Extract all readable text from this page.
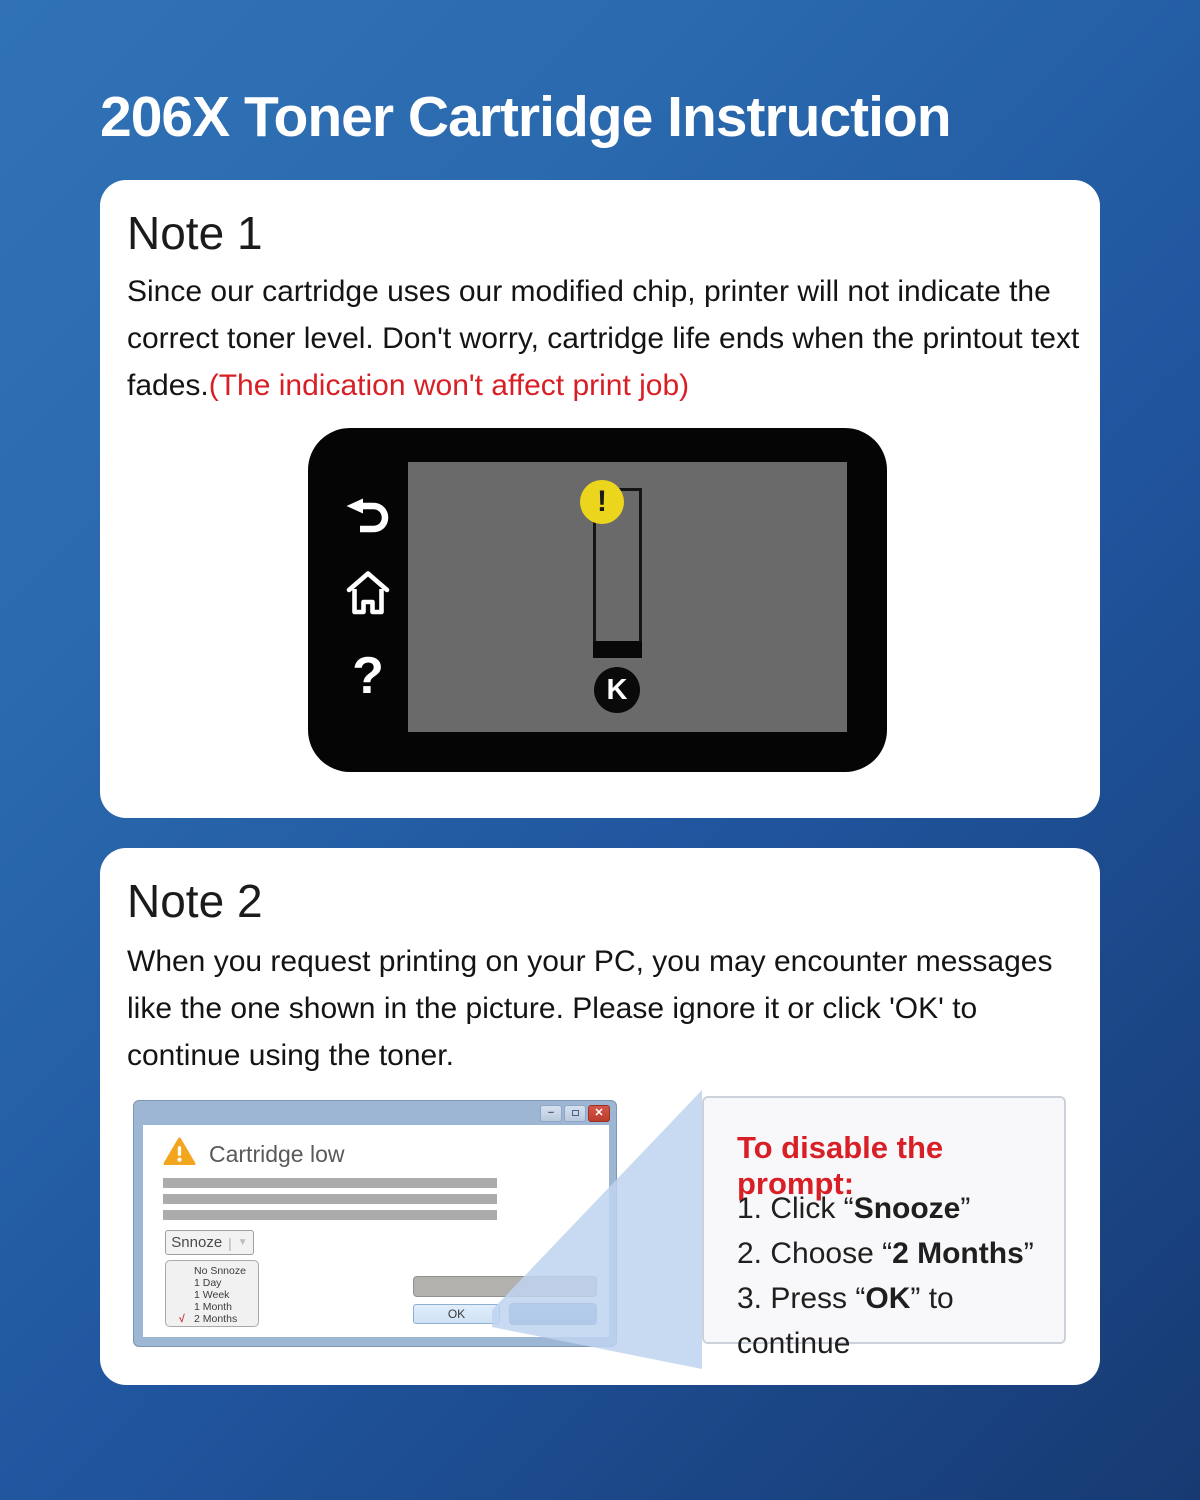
206X Toner Cartridge Instruction
Note 1
Since our cartridge uses our modified chip, printer will not indicate the correct toner level. Don't worry, cartridge life ends when the printout text fades.(The indication won't affect print job)
?
!
K
Note 2
When you request printing on your PC, you may encounter messages like the one shown in the picture. Please ignore it or click 'OK' to continue using the toner.
−	✕
Cartridge low
Snnoze | ▼
No Snnoze
1 Day
1 Week
1 Month
√ 2 Months	OK
To disable the prompt:
1. Click “Snooze”
2. Choose “2 Months”
3. Press “OK” to continue
